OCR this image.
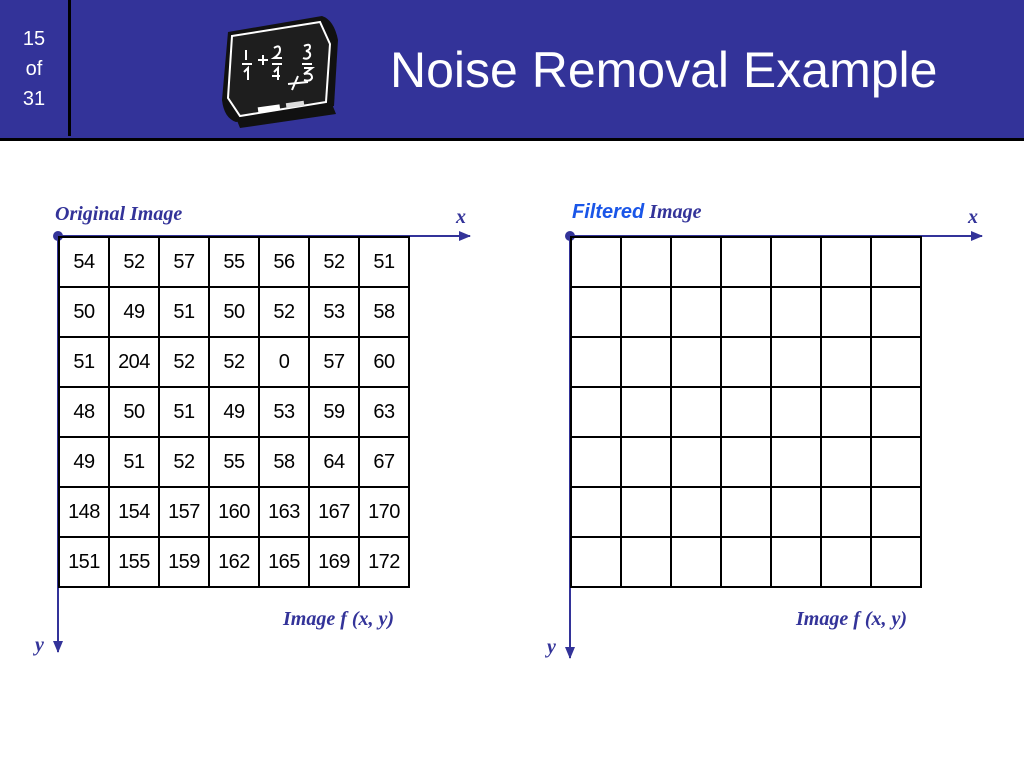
15
of
31
Noise Removal Example
Original Image	x
y
Image f (x, y)
Filtered Image	x
y
Image f (x, y)
54	52	57	55	56	52	51
50	49	51	50	52	53	58
51	204	52	52	0	57	60
48	50	51	49	53	59	63
49	51	52	55	58	64	67
148	154	157	160	163	167	170
151	155	159	162	165	169	172
